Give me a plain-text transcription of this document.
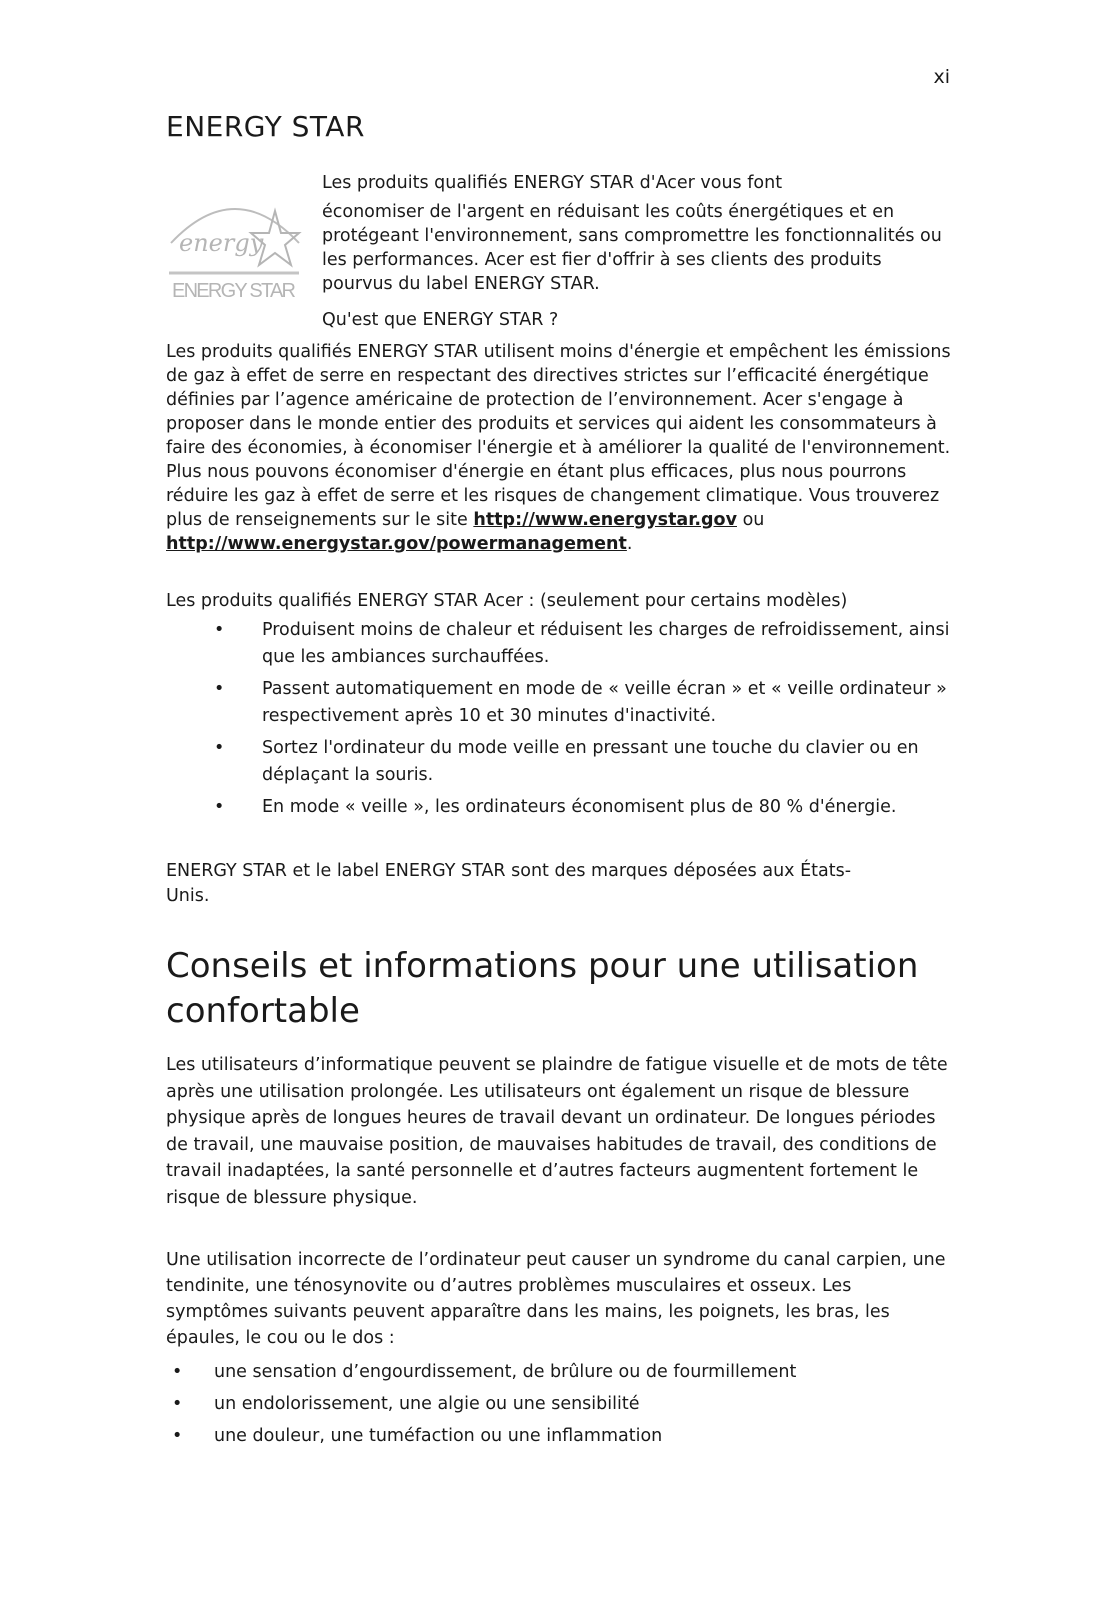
xi
ENERGY STAR
energy
ENERGY STAR
Les produits qualifiés ENERGY STAR d'Acer vous font
économiser de l'argent en réduisant les coûts énergétiques et en protégeant l'environnement, sans compromettre les fonctionnalités ou les performances. Acer est fier d'offrir à ses clients des produits pourvus du label ENERGY STAR.
Qu'est que ENERGY STAR ?
Les produits qualifiés ENERGY STAR utilisent moins d'énergie et empêchent les émissions de gaz à effet de serre en respectant des directives strictes sur l’efficacité énergétique définies par l’agence américaine de protection de l’environnement. Acer s'engage à proposer dans le monde entier des produits et services qui aident les consommateurs à faire des économies, à économiser l'énergie et à améliorer la qualité de l'environnement. Plus nous pouvons économiser d'énergie en étant plus efficaces, plus nous pourrons réduire les gaz à effet de serre et les risques de changement climatique. Vous trouverez plus de renseignements sur le site http://www.energystar.gov ou http://www.energystar.gov/powermanagement.
Les produits qualifiés ENERGY STAR Acer : (seulement pour certains modèles)
• Produisent moins de chaleur et réduisent les charges de refroidissement, ainsi que les ambiances surchauffées.
• Passent automatiquement en mode de « veille écran » et « veille ordinateur » respectivement après 10 et 30 minutes d'inactivité.
• Sortez l'ordinateur du mode veille en pressant une touche du clavier ou en déplaçant la souris.
• En mode « veille », les ordinateurs économisent plus de 80 % d'énergie.
ENERGY STAR et le label ENERGY STAR sont des marques déposées aux États-Unis.
Conseils et informations pour une utilisation confortable
Les utilisateurs d’informatique peuvent se plaindre de fatigue visuelle et de mots de tête après une utilisation prolongée. Les utilisateurs ont également un risque de blessure physique après de longues heures de travail devant un ordinateur. De longues périodes de travail, une mauvaise position, de mauvaises habitudes de travail, des conditions de travail inadaptées, la santé personnelle et d’autres facteurs augmentent fortement le risque de blessure physique.
Une utilisation incorrecte de l’ordinateur peut causer un syndrome du canal carpien, une tendinite, une ténosynovite ou d’autres problèmes musculaires et osseux. Les symptômes suivants peuvent apparaître dans les mains, les poignets, les bras, les épaules, le cou ou le dos :
• une sensation d’engourdissement, de brûlure ou de fourmillement
• un endolorissement, une algie ou une sensibilité
• une douleur, une tuméfaction ou une inflammation
